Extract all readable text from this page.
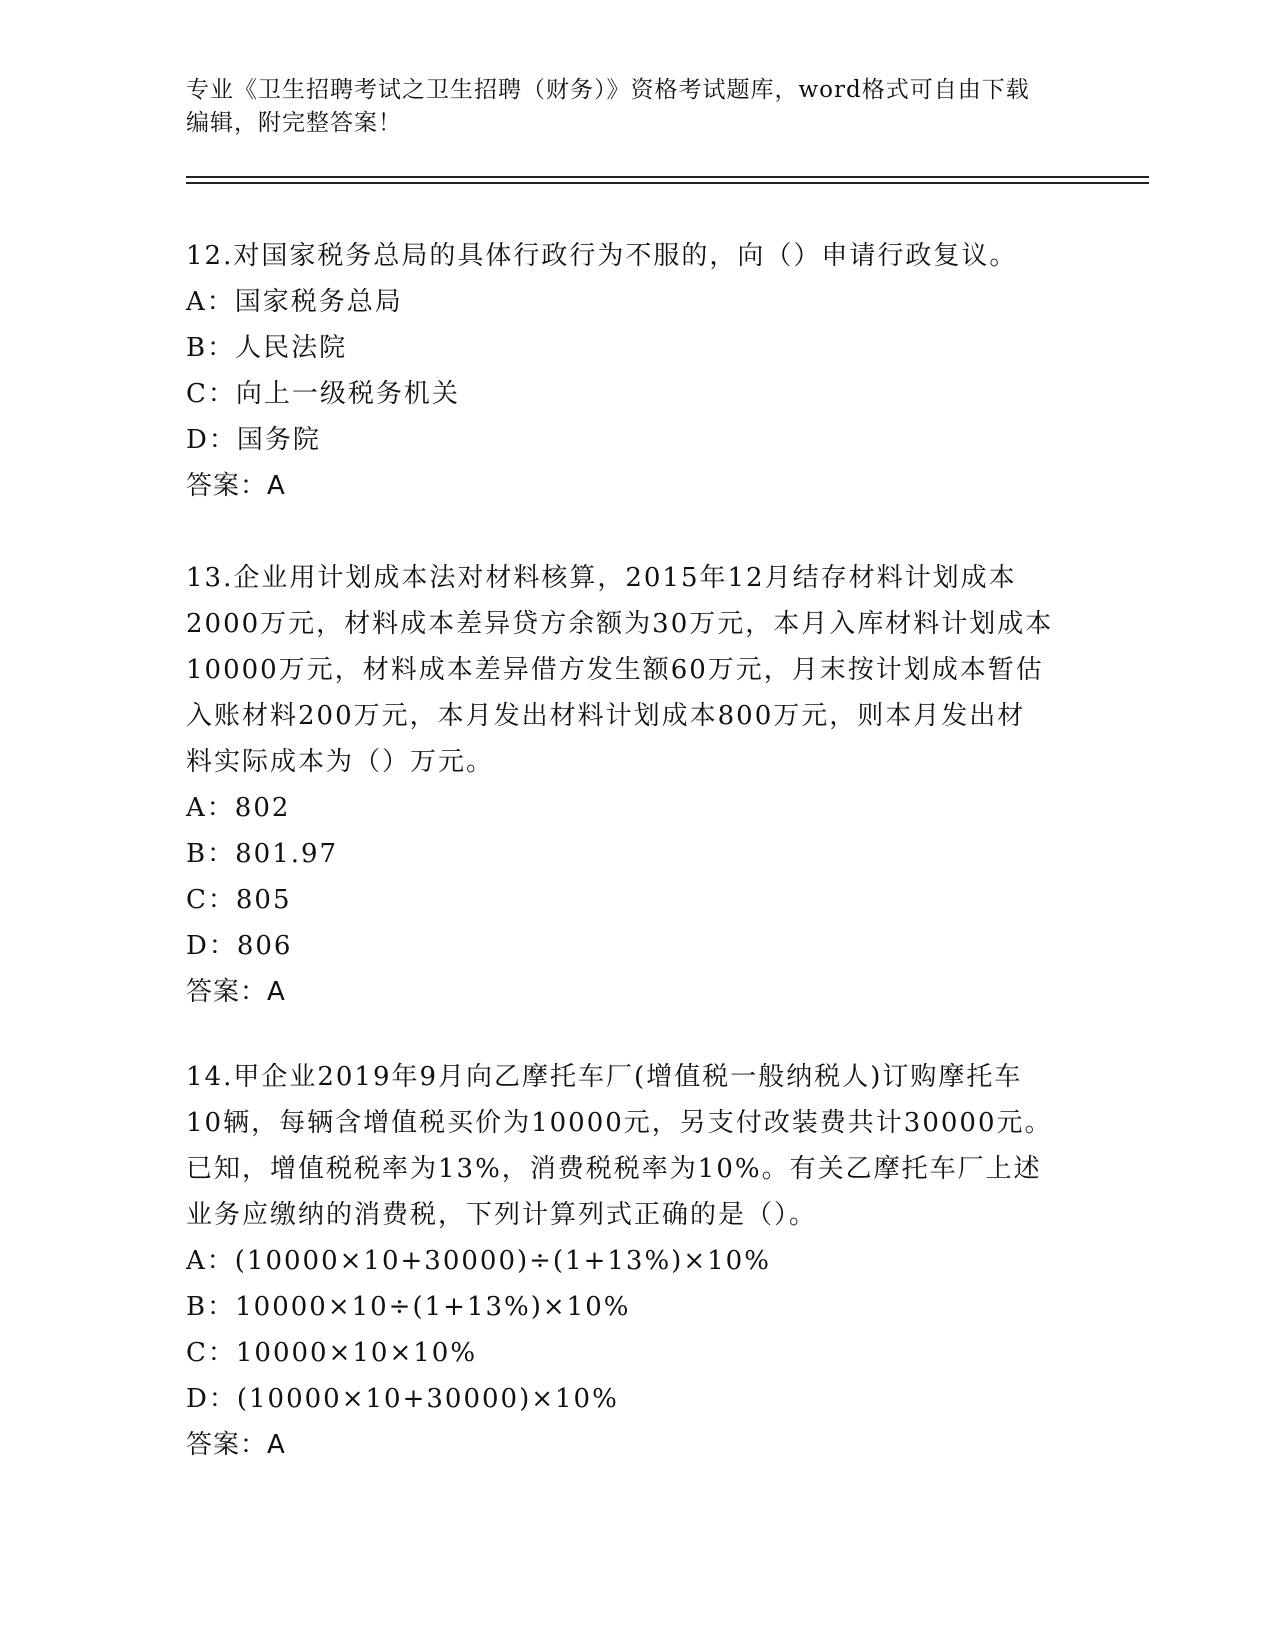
专业《卫生招聘考试之卫生招聘（财务）》资格考试题库，word格式可自由下载
编辑，附完整答案！

12.对国家税务总局的具体行政行为不服的，向（）申请行政复议。

A：国家税务总局

B：人民法院

C：向上一级税务机关

D：国务院

答案：A

13.企业用计划成本法对材料核算，2015年12月结存材料计划成本

2000万元，材料成本差异贷方余额为30万元，本月入库材料计划成本

10000万元，材料成本差异借方发生额60万元，月末按计划成本暂估

入账材料200万元，本月发出材料计划成本800万元，则本月发出材

料实际成本为（）万元。

A：802

B：801.97

C：805

D：806

答案：A

14.甲企业2019年9月向乙摩托车厂(增值税一般纳税人)订购摩托车

10辆，每辆含增值税买价为10000元，另支付改装费共计30000元。

已知，增值税税率为13%，消费税税率为10%。有关乙摩托车厂上述

业务应缴纳的消费税，下列计算列式正确的是（）。

A：(10000×10+30000)÷(1+13%)×10%

B：10000×10÷(1+13%)×10%

C：10000×10×10%

D：(10000×10+30000)×10%

答案：A
